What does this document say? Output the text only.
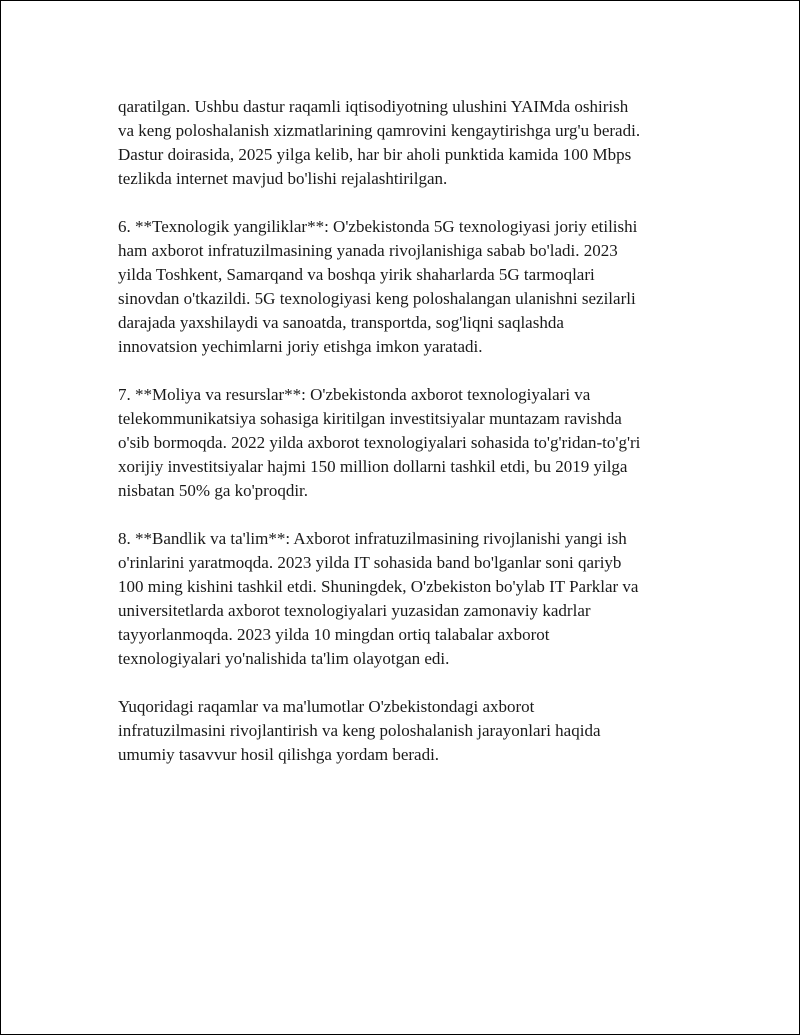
qaratilgan. Ushbu dastur raqamli iqtisodiyotning ulushini YAIMda oshirish
va keng poloshalanish xizmatlarining qamrovini kengaytirishga urg'u beradi.
Dastur doirasida, 2025 yilga kelib, har bir aholi punktida kamida 100 Mbps
tezlikda internet mavjud bo'lishi rejalashtirilgan.
6. **Texnologik yangiliklar**: O'zbekistonda 5G texnologiyasi joriy etilishi
ham axborot infratuzilmasining yanada rivojlanishiga sabab bo'ladi. 2023
yilda Toshkent, Samarqand va boshqa yirik shaharlarda 5G tarmoqlari
sinovdan o'tkazildi. 5G texnologiyasi keng poloshalangan ulanishni sezilarli
darajada yaxshilaydi va sanoatda, transportda, sog'liqni saqlashda
innovatsion yechimlarni joriy etishga imkon yaratadi.
7. **Moliya va resurslar**: O'zbekistonda axborot texnologiyalari va
telekommunikatsiya sohasiga kiritilgan investitsiyalar muntazam ravishda
o'sib bormoqda. 2022 yilda axborot texnologiyalari sohasida to'g'ridan-to'g'ri
xorijiy investitsiyalar hajmi 150 million dollarni tashkil etdi, bu 2019 yilga
nisbatan 50% ga ko'proqdir.
8. **Bandlik va ta'lim**: Axborot infratuzilmasining rivojlanishi yangi ish
o'rinlarini yaratmoqda. 2023 yilda IT sohasida band bo'lganlar soni qariyb
100 ming kishini tashkil etdi. Shuningdek, O'zbekiston bo'ylab IT Parklar va
universitetlarda axborot texnologiyalari yuzasidan zamonaviy kadrlar
tayyorlanmoqda. 2023 yilda 10 mingdan ortiq talabalar axborot
texnologiyalari yo'nalishida ta'lim olayotgan edi.
Yuqoridagi raqamlar va ma'lumotlar O'zbekistondagi axborot
infratuzilmasini rivojlantirish va keng poloshalanish jarayonlari haqida
umumiy tasavvur hosil qilishga yordam beradi.
